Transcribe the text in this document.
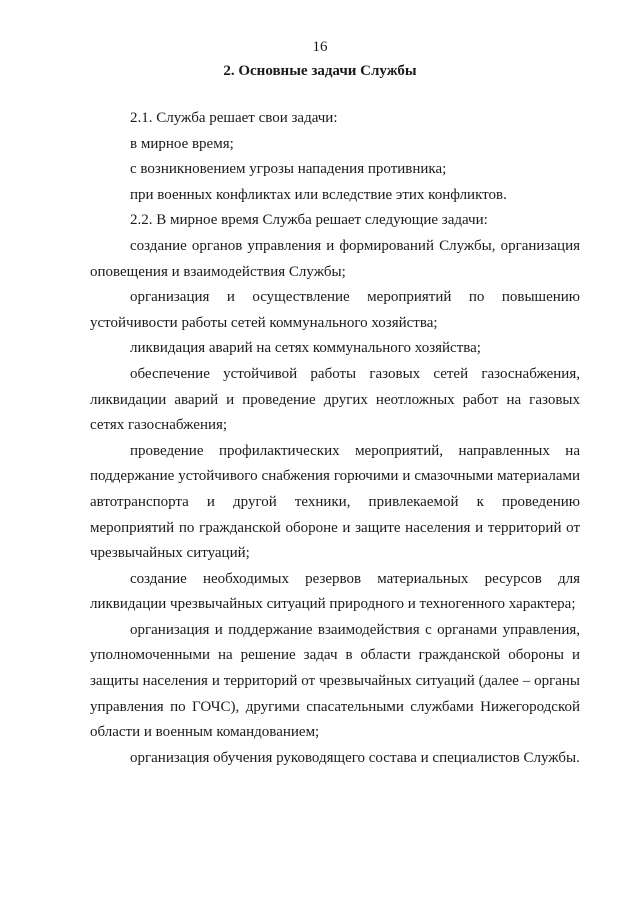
16
2. Основные задачи Службы

2.1. Служба решает свои задачи:

в мирное время;

с возникновением угрозы нападения противника;

при военных конфликтах или вследствие этих конфликтов.

2.2. В мирное время Служба решает следующие задачи:

создание органов управления и формирований Службы, организация оповещения и взаимодействия Службы;

организация и осуществление мероприятий по повышению устойчивости работы сетей коммунального хозяйства;

ликвидация аварий на сетях коммунального хозяйства;

обеспечение устойчивой работы газовых сетей газоснабжения, ликвидации аварий и проведение других неотложных работ на газовых сетях газоснабжения;

проведение профилактических мероприятий, направленных на поддержание устойчивого снабжения горючими и смазочными материалами автотранспорта и другой техники, привлекаемой к проведению мероприятий по гражданской обороне и защите населения и территорий от чрезвычайных ситуаций;

создание необходимых резервов материальных ресурсов для ликвидации чрезвычайных ситуаций природного и техногенного характера;

организация и поддержание взаимодействия с органами управления, уполномоченными на решение задач в области гражданской обороны и защиты населения и территорий от чрезвычайных ситуаций (далее – органы управления по ГОЧС), другими спасательными службами Нижегородской области и военным командованием;

организация обучения руководящего состава и специалистов Службы.
